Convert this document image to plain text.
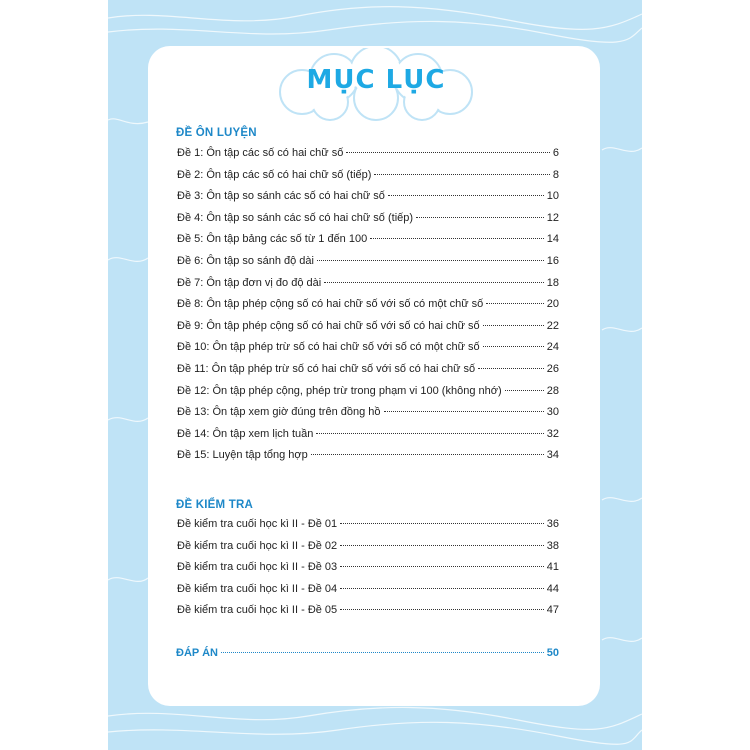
MỤC LỤC
ĐỀ ÔN LUYỆN
Đề 1: Ôn tập các số có hai chữ số	6
Đề 2: Ôn tập các số có hai chữ số (tiếp)	8
Đề 3: Ôn tập so sánh các số có hai chữ số	10
Đề 4: Ôn tập so sánh các số có hai chữ số (tiếp)	12
Đề 5: Ôn tập bảng các số từ 1 đến 100	14
Đề 6: Ôn tập so sánh độ dài	16
Đề 7: Ôn tập đơn vị đo độ dài	18
Đề 8: Ôn tập phép cộng số có hai chữ số với số có một chữ số	20
Đề 9: Ôn tập phép cộng số có hai chữ số với số có hai chữ số	22
Đề 10: Ôn tập phép trừ số có hai chữ số với số có một chữ số	24
Đề 11: Ôn tập phép trừ số có hai chữ số với số có hai chữ số	26
Đề 12: Ôn tập phép cộng, phép trừ trong phạm vi 100 (không nhớ)	28
Đề 13: Ôn tập xem giờ đúng trên đồng hồ	30
Đề 14: Ôn tập xem lịch tuần	32
Đề 15: Luyện tập tổng hợp	34
ĐỀ KIỂM TRA
Đề kiểm tra cuối học kì II - Đề 01	36
Đề kiểm tra cuối học kì II - Đề 02	38
Đề kiểm tra cuối học kì II - Đề 03	41
Đề kiểm tra cuối học kì II - Đề 04	44
Đề kiểm tra cuối học kì II - Đề 05	47
ĐÁP ÁN	50
